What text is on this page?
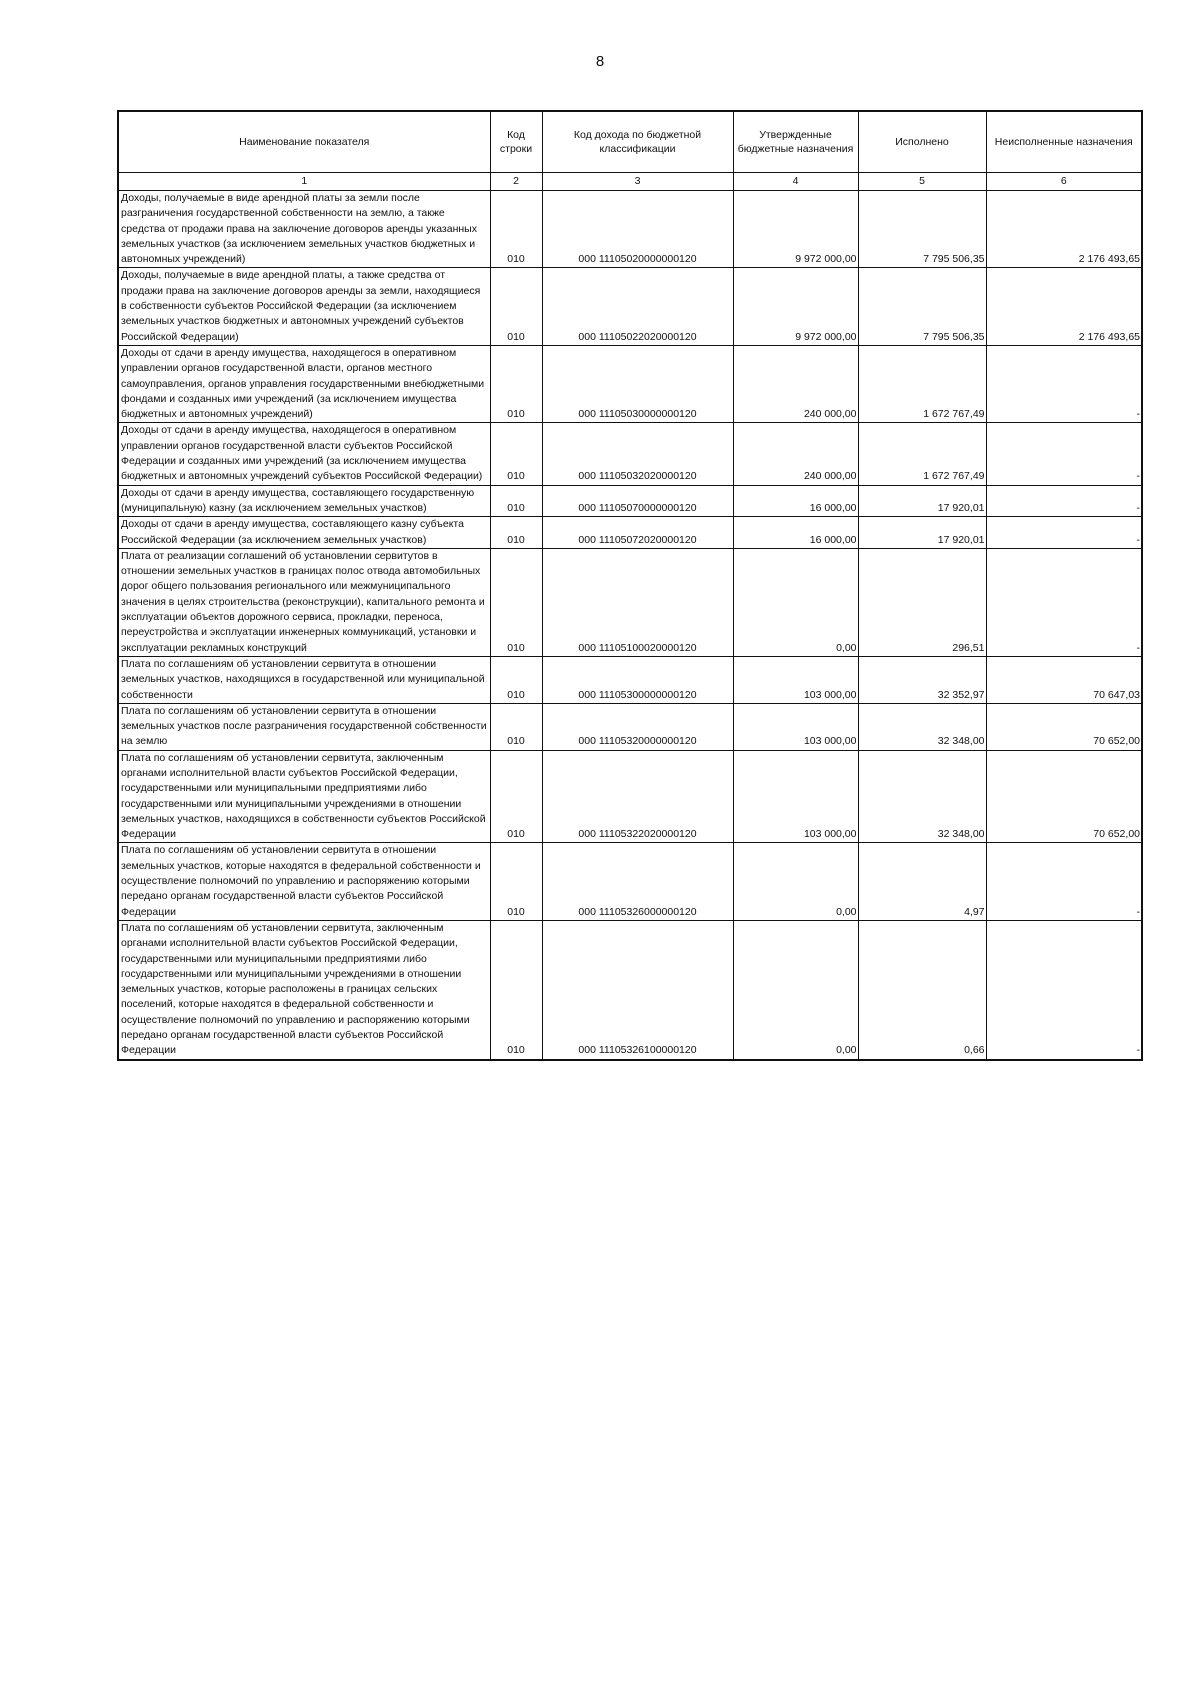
8
Наименование показателя	Код строки	Код дохода по бюджетной классификации	Утвержденные бюджетные назначения	Исполнено	Неисполненные назначения
1	2	3	4	5	6
Доходы, получаемые в виде арендной платы за земли после разграничения государственной собственности на землю, а также средства от продажи права на заключение договоров аренды указанных земельных участков (за исключением земельных участков бюджетных и автономных учреждений)	010	000 11105020000000120	9 972 000,00	7 795 506,35	2 176 493,65
Доходы, получаемые в виде арендной платы, а также средства от продажи права на заключение договоров аренды за земли, находящиеся в собственности субъектов Российской Федерации (за исключением земельных участков бюджетных и автономных учреждений субъектов Российской Федерации)	010	000 11105022020000120	9 972 000,00	7 795 506,35	2 176 493,65
Доходы от сдачи в аренду имущества, находящегося в оперативном управлении органов государственной власти, органов местного самоуправления, органов управления государственными внебюджетными фондами и созданных ими учреждений (за исключением имущества бюджетных и автономных учреждений)	010	000 11105030000000120	240 000,00	1 672 767,49	-
Доходы от сдачи в аренду имущества, находящегося в оперативном управлении органов государственной власти субъектов Российской Федерации и созданных ими учреждений (за исключением имущества бюджетных и автономных учреждений субъектов Российской Федерации)	010	000 11105032020000120	240 000,00	1 672 767,49	-
Доходы от сдачи в аренду имущества, составляющего государственную (муниципальную) казну (за исключением земельных участков)	010	000 11105070000000120	16 000,00	17 920,01	-
Доходы от сдачи в аренду имущества, составляющего казну субъекта Российской Федерации (за исключением земельных участков)	010	000 11105072020000120	16 000,00	17 920,01	-
Плата от реализации соглашений об установлении сервитутов в отношении земельных участков в границах полос отвода автомобильных дорог общего пользования регионального или межмуниципального значения в целях строительства (реконструкции), капитального ремонта и эксплуатации объектов дорожного сервиса, прокладки, переноса, переустройства и эксплуатации инженерных коммуникаций, установки и эксплуатации рекламных конструкций	010	000 11105100020000120	0,00	296,51	-
Плата по соглашениям об установлении сервитута в отношении земельных участков, находящихся в государственной или муниципальной собственности	010	000 11105300000000120	103 000,00	32 352,97	70 647,03
Плата по соглашениям об установлении сервитута в отношении земельных участков после разграничения государственной собственности на землю	010	000 11105320000000120	103 000,00	32 348,00	70 652,00
Плата по соглашениям об установлении сервитута, заключенным органами исполнительной власти субъектов Российской Федерации, государственными или муниципальными предприятиями либо государственными или муниципальными учреждениями в отношении земельных участков, находящихся в собственности субъектов Российской Федерации	010	000 11105322020000120	103 000,00	32 348,00	70 652,00
Плата по соглашениям об установлении сервитута в отношении земельных участков, которые находятся в федеральной собственности и осуществление полномочий по управлению и распоряжению которыми передано органам государственной власти субъектов Российской Федерации	010	000 11105326000000120	0,00	4,97	-
Плата по соглашениям об установлении сервитута, заключенным органами исполнительной власти субъектов Российской Федерации, государственными или муниципальными предприятиями либо государственными или муниципальными учреждениями в отношении земельных участков, которые расположены в границах сельских поселений, которые находятся в федеральной собственности и осуществление полномочий по управлению и распоряжению которыми передано органам государственной власти субъектов Российской Федерации	010	000 11105326100000120	0,00	0,66	-
